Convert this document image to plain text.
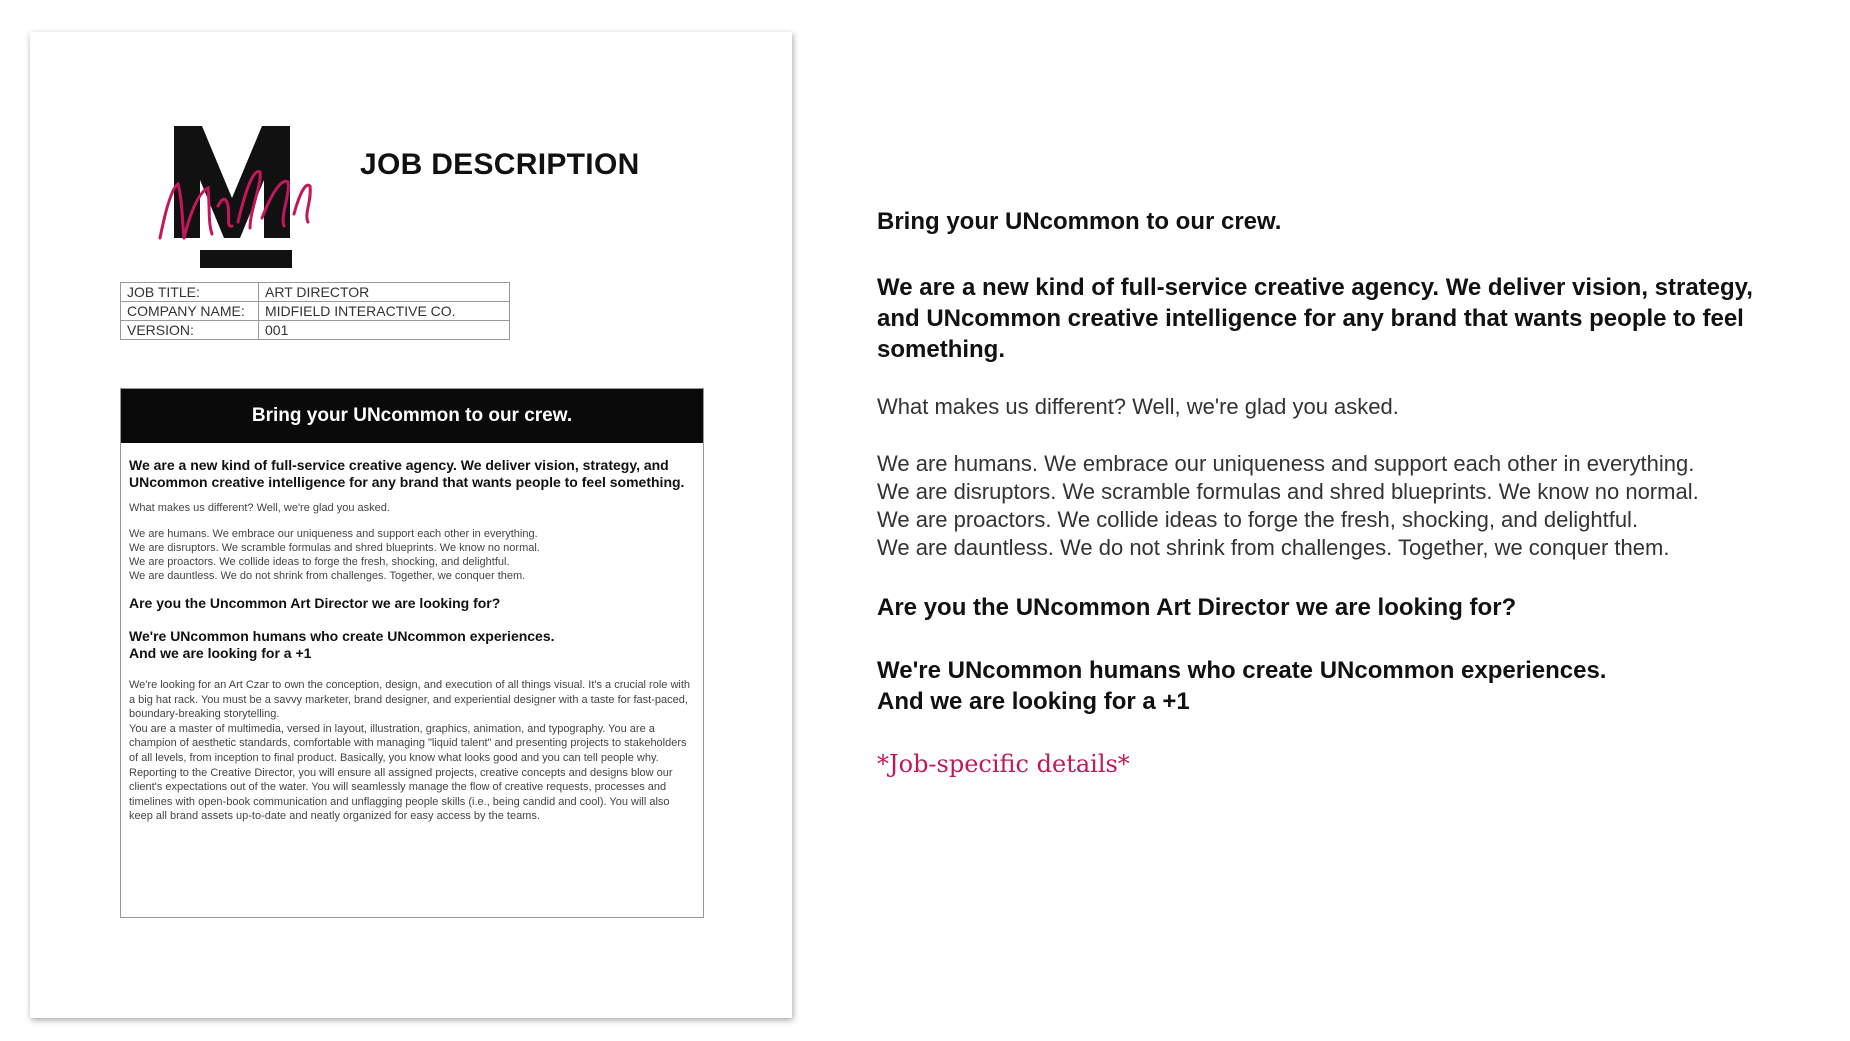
JOB DESCRIPTION
JOB TITLE:	ART DIRECTOR
COMPANY NAME:	MIDFIELD INTERACTIVE CO.
VERSION:	001
Bring your UNcommon to our crew.

We are a new kind of full-service creative agency. We deliver vision, strategy, and UNcommon creative intelligence for any brand that wants people to feel something.

What makes us different? Well, we're glad you asked.

We are humans. We embrace our uniqueness and support each other in everything.

We are disruptors. We scramble formulas and shred blueprints. We know no normal.

We are proactors. We collide ideas to forge the fresh, shocking, and delightful.

We are dauntless. We do not shrink from challenges. Together, we conquer them.

Are you the Uncommon Art Director we are looking for?

We're UNcommon humans who create UNcommon experiences.
And we are looking for a +1

We're looking for an Art Czar to own the conception, design, and execution of all things visual. It's a crucial role with a big hat rack. You must be a savvy marketer, brand designer, and experiential designer with a taste for fast-paced, boundary-breaking storytelling.

You are a master of multimedia, versed in layout, illustration, graphics, animation, and typography. You are a champion of aesthetic standards, comfortable with managing "liquid talent" and presenting projects to stakeholders of all levels, from inception to final product. Basically, you know what looks good and you can tell people why.

Reporting to the Creative Director, you will ensure all assigned projects, creative concepts and designs blow our client's expectations out of the water. You will seamlessly manage the flow of creative requests, processes and timelines with open-book communication and unflagging people skills (i.e., being candid and cool). You will also keep all brand assets up-to-date and neatly organized for easy access by the teams.

Bring your UNcommon to our crew.

We are a new kind of full-service creative agency. We deliver vision, strategy, and UNcommon creative intelligence for any brand that wants people to feel something.

What makes us different? Well, we're glad you asked.

We are humans. We embrace our uniqueness and support each other in everything.

We are disruptors. We scramble formulas and shred blueprints. We know no normal.

We are proactors. We collide ideas to forge the fresh, shocking, and delightful.

We are dauntless. We do not shrink from challenges. Together, we conquer them.

Are you the UNcommon Art Director we are looking for?

We're UNcommon humans who create UNcommon experiences.

And we are looking for a +1

*Job-specific details*
